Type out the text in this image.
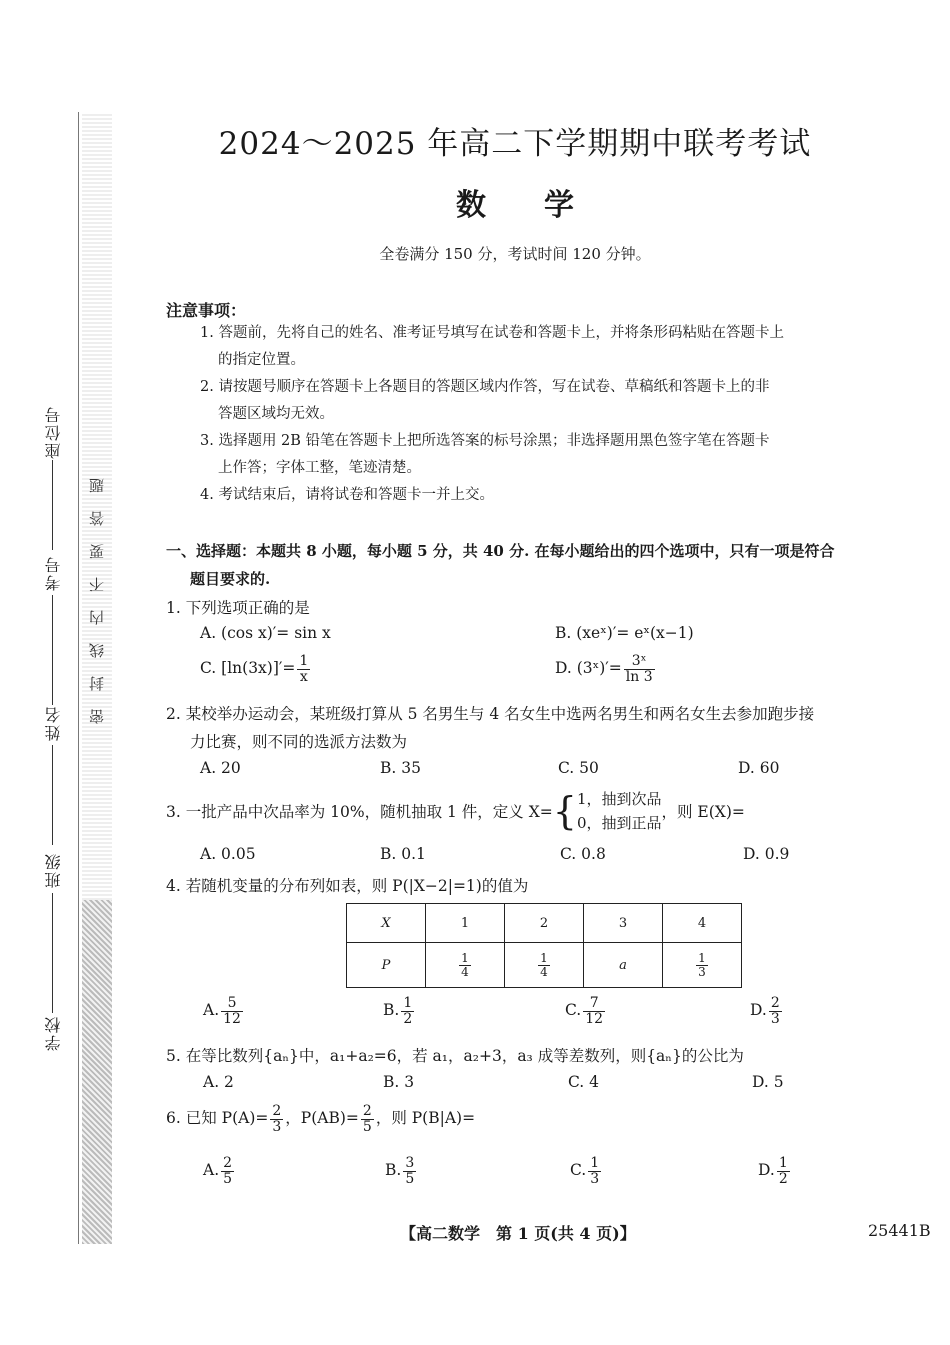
座位号
考号
姓名
班级
学校
密封线内不要答题
2024～2025 年高二下学期期中联考考试
数学
全卷满分 150 分，考试时间 120 分钟。
注意事项：
1. 答题前，先将自己的姓名、准考证号填写在试卷和答题卡上，并将条形码粘贴在答题卡上
的指定位置。
2. 请按题号顺序在答题卡上各题目的答题区域内作答，写在试卷、草稿纸和答题卡上的非
答题区域均无效。
3. 选择题用 2B 铅笔在答题卡上把所选答案的标号涂黑；非选择题用黑色签字笔在答题卡
上作答；字体工整，笔迹清楚。
4. 考试结束后，请将试卷和答题卡一并上交。
一、选择题：本题共 8 小题，每小题 5 分，共 40 分. 在每小题给出的四个选项中，只有一项是符合
题目要求的.
1. 下列选项正确的是
A. (cos x)′= sin x	B. (xeˣ)′= eˣ(x−1)
C. $[\ln(3x)]'= \frac{1}{x}$	D. (3ˣ)′= $\frac{\text{3ˣ}}{\ln 3}$
2. 某校举办运动会，某班级打算从 5 名男生与 4 名女生中选两名男生和两名女生去参加跑步接
力比赛，则不同的选派方法数为
A. 20	B. 35	C. 50	D. 60
3. 一批产品中次品率为 10%，随机抽取 1 件，定义 X= { 1，抽到次品
0，抽到正品
，则 E(X)=
A. 0.05	B. 0.1	C. 0.8	D. 0.9
4. 若随机变量的分布列如表，则 P(|X−2|=1)的值为
X	1	2	3	4
P	$\frac{1}{4}$	$\frac{1}{4}$	a	$\frac{1}{3}$
A. $\frac{5}{12}$	B. $\frac{1}{2}$	C. $\frac{7}{12}$	D. $\frac{2}{3}$
5. 在等比数列{aₙ}中，a₁+a₂=6，若 a₁，a₂+3，a₃ 成等差数列，则{aₙ}的公比为
A. 2	B. 3	C. 4	D. 5
6. 已知 $P(A)= \frac{2}{3}$ ，$P(AB)= \frac{2}{5}$ ，则 P(B|A)=
A. $\frac{2}{5}$	B. $\frac{3}{5}$	C. $\frac{1}{3}$	D. $\frac{1}{2}$
【高二数学　第 1 页(共 4 页)】	25441B
